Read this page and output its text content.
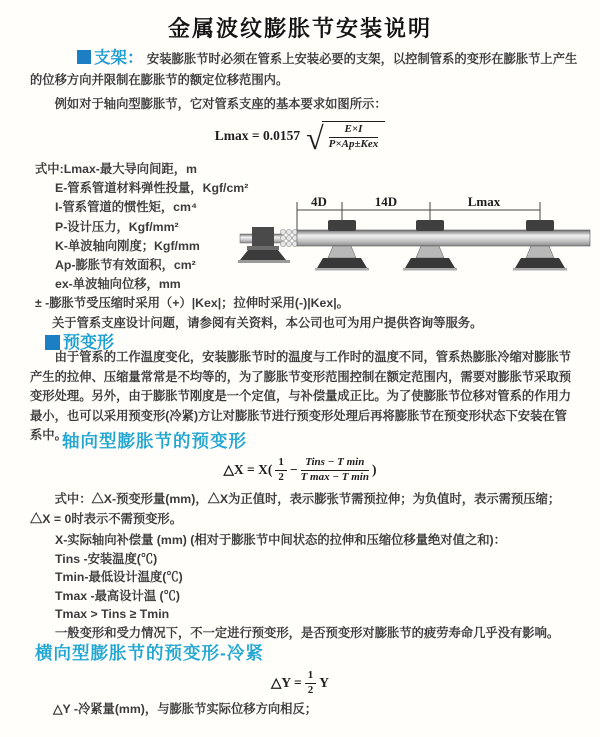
金属波纹膨胀节安装说明

支架： 安装膨胀节时必须在管系上安装必要的支架，以控制管系的变形在膨胀节上产生的位移方向并限制在膨胀节的额定位移范围内。

例如对于轴向型膨胀节，它对管系支座的基本要求如图所示：

Lmax = 0.0157 √ $\frac{E\times I}{\text{P×Ap±Kex}}$
式中:Lmax-最大导向间距，m
E-管系管道材料弹性投量，Kgf/cm²
I-管系管道的惯性矩，cm⁴
P-设计压力，Kgf/mm²
K-单波轴向刚度；Kgf/mm
Ap-膨胀节有效面积，cm²
ex-单波轴向位移，mm
± -膨胀节受压缩时采用（+）|Kex|；拉伸时采用(-)|Kex|。
关于管系支座设计问题，请参阅有关资料，本公司也可为用户提供咨询等服务。
4D	14D	Lmax
预变形

由于管系的工作温度变化，安装膨胀节时的温度与工作时的温度不同，管系热膨胀冷缩对膨胀节产生的拉伸、压缩量常常是不均等的，为了膨胀节变形范围控制在额定范围内，需要对膨胀节采取预变形处理。另外，由于膨胀节刚度是一个定值，与补偿量成正比。为了使膨胀节位移对管系的作用力最小，也可以采用预变形(冷紧)方让对膨胀节进行预变形处理后再将膨胀节在预变形状态下安装在管系中。

轴向型膨胀节的预变形
△X = $X( \frac{1}{2} - \frac{\text{Tins − T min}}{\text{T max − T min}}$ )

式中：△X-预变形量(mm)，△X为正值时，表示膨张节需预拉伸；为负值时，表示需预压缩；△X = 0时表示不需预变形。

X-实际轴向补偿量 (mm) (相对于膨胀节中间状态的拉伸和压缩位移量绝对值之和)：
Tins -安装温度(℃)
Tmin-最低设计温度(℃)
Tmax -最高设计温 (℃)
Tmax > Tins ≥ Tmin
一般变形和受力情况下，不一定进行预变形，是否预变形对膨胀节的疲劳寿命几乎没有影响。
横向型膨胀节的预变形-冷紧
△Y = $\frac{1}{2}$ Y
△Y -冷紧量(mm)，与膨胀节实际位移方向相反；
